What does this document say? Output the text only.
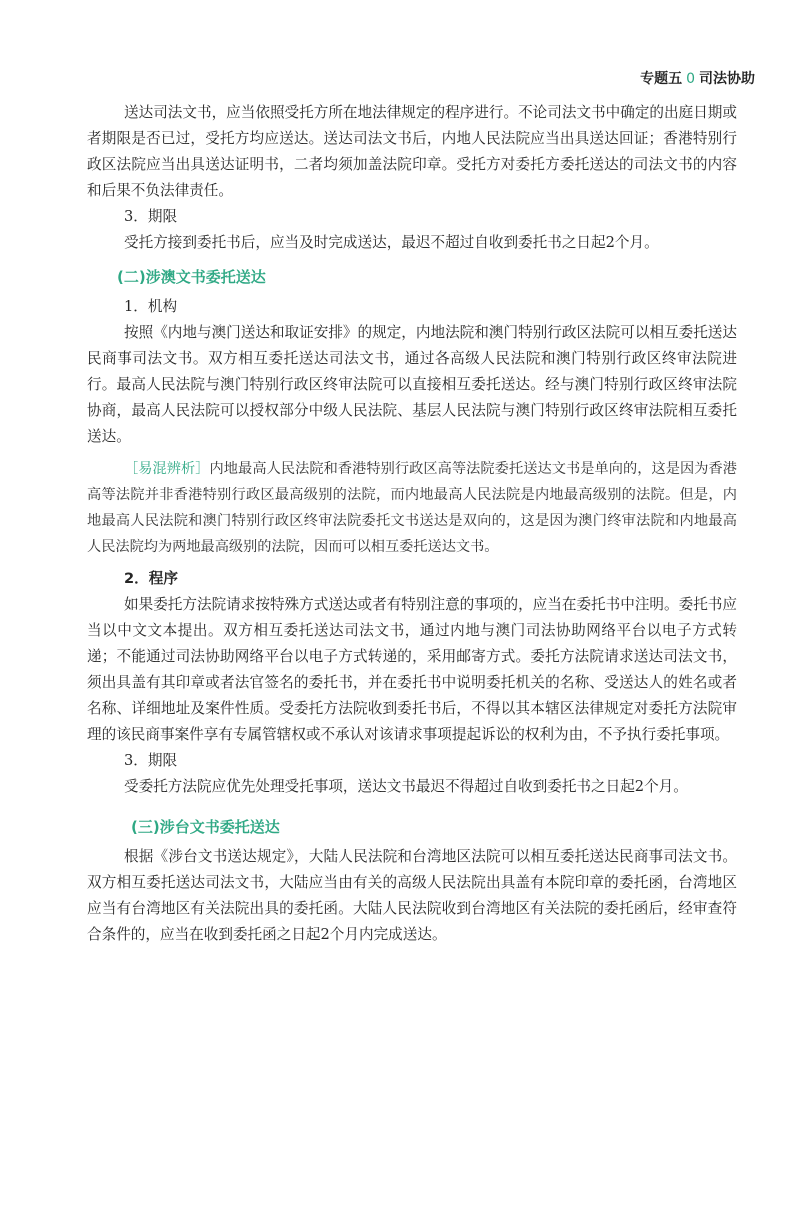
专题五 0 司法协助

送达司法文书，应当依照受托方所在地法律规定的程序进行。不论司法文书中确定的出庭日期或者期限是否已过，受托方均应送达。送达司法文书后，内地人民法院应当出具送达回证；香港特别行政区法院应当出具送达证明书，二者均须加盖法院印章。受托方对委托方委托送达的司法文书的内容和后果不负法律责任。

3．期限

受托方接到委托书后，应当及时完成送达，最迟不超过自收到委托书之日起2个月。

(二)涉澳文书委托送达

1．机构

按照《内地与澳门送达和取证安排》的规定，内地法院和澳门特别行政区法院可以相互委托送达民商事司法文书。双方相互委托送达司法文书，通过各高级人民法院和澳门特别行政区终审法院进行。最高人民法院与澳门特别行政区终审法院可以直接相互委托送达。经与澳门特别行政区终审法院协商，最高人民法院可以授权部分中级人民法院、基层人民法院与澳门特别行政区终审法院相互委托送达。

［易混辨析］内地最高人民法院和香港特别行政区高等法院委托送达文书是单向的，这是因为香港高等法院并非香港特别行政区最高级别的法院，而内地最高人民法院是内地最高级别的法院。但是，内地最高人民法院和澳门特别行政区终审法院委托文书送达是双向的，这是因为澳门终审法院和内地最高人民法院均为两地最高级别的法院，因而可以相互委托送达文书。

2．程序

如果委托方法院请求按特殊方式送达或者有特别注意的事项的，应当在委托书中注明。委托书应当以中文文本提出。双方相互委托送达司法文书，通过内地与澳门司法协助网络平台以电子方式转递；不能通过司法协助网络平台以电子方式转递的，采用邮寄方式。委托方法院请求送达司法文书，须出具盖有其印章或者法官签名的委托书，并在委托书中说明委托机关的名称、受送达人的姓名或者名称、详细地址及案件性质。受委托方法院收到委托书后，不得以其本辖区法律规定对委托方法院审理的该民商事案件享有专属管辖权或不承认对该请求事项提起诉讼的权利为由，不予执行委托事项。

3．期限

受委托方法院应优先处理受托事项，送达文书最迟不得超过自收到委托书之日起2个月。

(三)涉台文书委托送达

根据《涉台文书送达规定》，大陆人民法院和台湾地区法院可以相互委托送达民商事司法文书。双方相互委托送达司法文书，大陆应当由有关的高级人民法院出具盖有本院印章的委托函，台湾地区应当有台湾地区有关法院出具的委托函。大陆人民法院收到台湾地区有关法院的委托函后，经审查符合条件的，应当在收到委托函之日起2个月内完成送达。
